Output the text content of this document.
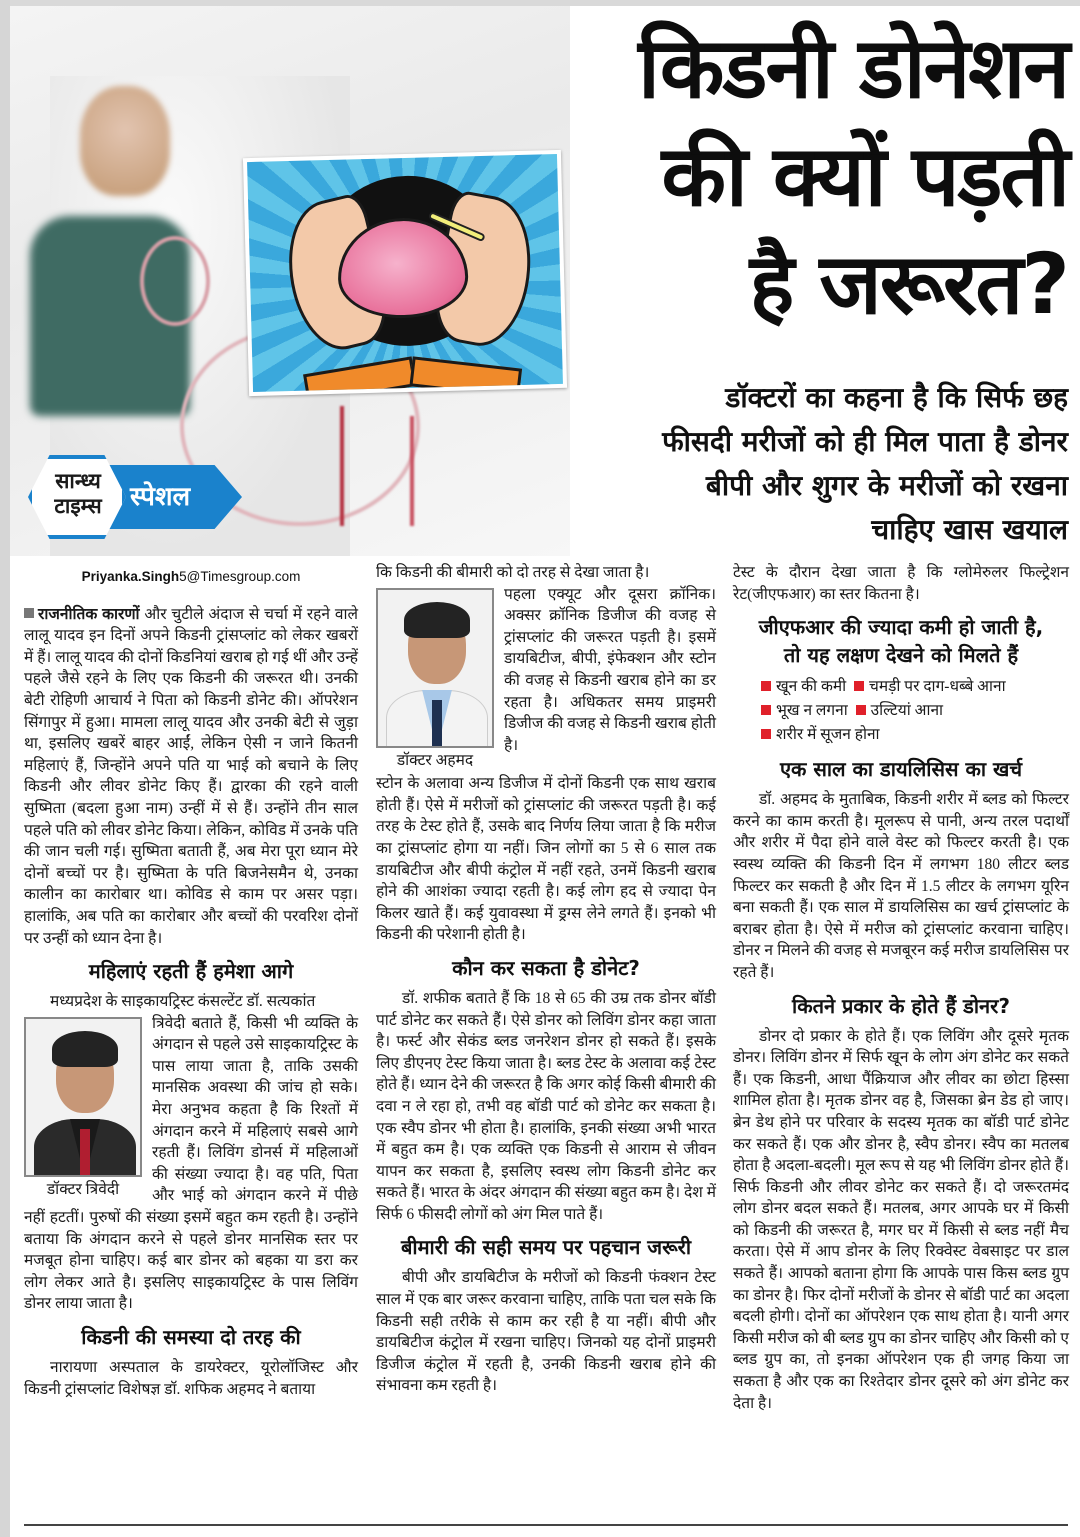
सान्ध्य
टाइम्स	स्पेशल
किडनी डोनेशन
की क्यों पड़ती
है जरूरत?
डॉक्टरों का कहना है कि सिर्फ छह
फीसदी मरीजों को ही मिल पाता है डोनर
बीपी और शुगर के मरीजों को रखना
चाहिए खास खयाल
Priyanka.Singh5@Timesgroup.com

राजनीतिक कारणों और चुटीले अंदाज से चर्चा में रहने वाले लालू यादव इन दिनों अपने किडनी ट्रांसप्लांट को लेकर खबरों में हैं। लालू यादव की दोनों किडनियां खराब हो गई थीं और उन्हें पहले जैसे रहने के लिए एक किडनी की जरूरत थी। उनकी बेटी रोहिणी आचार्य ने पिता को किडनी डोनेट की। ऑपरेशन सिंगापुर में हुआ। मामला लालू यादव और उनकी बेटी से जुड़ा था, इसलिए खबरें बाहर आईं, लेकिन ऐसी न जाने कितनी महिलाएं हैं, जिन्होंने अपने पति या भाई को बचाने के लिए किडनी और लीवर डोनेट किए हैं। द्वारका की रहने वाली सुष्मिता (बदला हुआ नाम) उन्हीं में से हैं। उन्होंने तीन साल पहले पति को लीवर डोनेट किया। लेकिन, कोविड में उनके पति की जान चली गई। सुष्मिता बताती हैं, अब मेरा पूरा ध्यान मेरे दोनों बच्चों पर है। सुष्मिता के पति बिजनेसमैन थे, उनका कालीन का कारोबार था। कोविड से काम पर असर पड़ा। हालांकि, अब पति का कारोबार और बच्चों की परवरिश दोनों पर उन्हीं को ध्यान देना है।

महिलाएं रहती हैं हमेशा आगे

मध्यप्रदेश के साइकायट्रिस्ट कंसल्टेंट डॉ. सत्यकांत

डॉक्टर त्रिवेदी

त्रिवेदी बताते हैं, किसी भी व्यक्ति के अंगदान से पहले उसे साइकायट्रिस्ट के पास लाया जाता है, ताकि उसकी मानसिक अवस्था की जांच हो सके। मेरा अनुभव कहता है कि रिश्तों में अंगदान करने में महिलाएं सबसे आगे रहती हैं। लिविंग डोनर्स में महिलाओं की संख्या ज्यादा है। वह पति, पिता और भाई को अंगदान करने में पीछे नहीं हटतीं। पुरुषों की संख्या इसमें बहुत कम रहती है। उन्होंने बताया कि अंगदान करने से पहले डोनर मानसिक स्तर पर मजबूत होना चाहिए। कई बार डोनर को बहका या डरा कर लोग लेकर आते है। इसलिए साइकायट्रिस्ट के पास लिविंग डोनर लाया जाता है।

किडनी की समस्या दो तरह की

नारायणा अस्पताल के डायरेक्टर, यूरोलॉजिस्ट और किडनी ट्रांसप्लांट विशेषज्ञ डॉ. शफिक अहमद ने बताया

कि किडनी की बीमारी को दो तरह से देखा जाता है।

डॉक्टर अहमद

पहला एक्यूट और दूसरा क्रॉनिक। अक्सर क्रॉनिक डिजीज की वजह से ट्रांसप्लांट की जरूरत पड़ती है। इसमें डायबिटीज, बीपी, इंफेक्शन और स्टोन की वजह से किडनी खराब होने का डर रहता है। अधिकतर समय प्राइमरी डिजीज की वजह से किडनी खराब होती है।

स्टोन के अलावा अन्य डिजीज में दोनों किडनी एक साथ खराब होती हैं। ऐसे में मरीजों को ट्रांसप्लांट की जरूरत पड़ती है। कई तरह के टेस्ट होते हैं, उसके बाद निर्णय लिया जाता है कि मरीज का ट्रांसप्लांट होगा या नहीं। जिन लोगों का 5 से 6 साल तक डायबिटीज और बीपी कंट्रोल में नहीं रहते, उनमें किडनी खराब होने की आशंका ज्यादा रहती है। कई लोग हद से ज्यादा पेन किलर खाते हैं। कई युवावस्था में ड्रग्स लेने लगते हैं। इनको भी किडनी की परेशानी होती है।

कौन कर सकता है डोनेट?

डॉ. शफीक बताते हैं कि 18 से 65 की उम्र तक डोनर बॉडी पार्ट डोनेट कर सकते हैं। ऐसे डोनर को लिविंग डोनर कहा जाता है। फर्स्ट और सेकंड ब्लड जनरेशन डोनर हो सकते हैं। इसके लिए डीएनए टेस्ट किया जाता है। ब्लड टेस्ट के अलावा कई टेस्ट होते हैं। ध्यान देने की जरूरत है कि अगर कोई किसी बीमारी की दवा न ले रहा हो, तभी वह बॉडी पार्ट को डोनेट कर सकता है। एक स्वैप डोनर भी होता है। हालांकि, इनकी संख्या अभी भारत में बहुत कम है। एक व्यक्ति एक किडनी से आराम से जीवन यापन कर सकता है, इसलिए स्वस्थ लोग किडनी डोनेट कर सकते हैं। भारत के अंदर अंगदान की संख्या बहुत कम है। देश में सिर्फ 6 फीसदी लोगों को अंग मिल पाते हैं।

बीमारी की सही समय पर पहचान जरूरी

बीपी और डायबिटीज के मरीजों को किडनी फंक्शन टेस्ट साल में एक बार जरूर करवाना चाहिए, ताकि पता चल सके कि किडनी सही तरीके से काम कर रही है या नहीं। बीपी और डायबिटीज कंट्रोल में रखना चाहिए। जिनको यह दोनों प्राइमरी डिजीज कंट्रोल में रहती है, उनकी किडनी खराब होने की संभावना कम रहती है।

टेस्ट के दौरान देखा जाता है कि ग्लोमेरुलर फिल्ट्रेशन रेट(जीएफआर) का स्तर कितना है।

जीएफआर की ज्यादा कमी हो जाती है,
तो यह लक्षण देखने को मिलते हैं
खून की कमी चमड़ी पर दाग-धब्बे आना
भूख न लगना उल्टियां आना
शरीर में सूजन होना
एक साल का डायलिसिस का खर्च

डॉ. अहमद के मुताबिक, किडनी शरीर में ब्लड को फिल्टर करने का काम करती है। मूलरूप से पानी, अन्य तरल पदार्थों और शरीर में पैदा होने वाले वेस्ट को फिल्टर करती है। एक स्वस्थ व्यक्ति की किडनी दिन में लगभग 180 लीटर ब्लड फिल्टर कर सकती है और दिन में 1.5 लीटर के लगभग यूरिन बना सकती हैं। एक साल में डायलिसिस का खर्च ट्रांसप्लांट के बराबर होता है। ऐसे में मरीज को ट्रांसप्लांट करवाना चाहिए। डोनर न मिलने की वजह से मजबूरन कई मरीज डायलिसिस पर रहते हैं।

कितने प्रकार के होते हैं डोनर?

डोनर दो प्रकार के होते हैं। एक लिविंग और दूसरे मृतक डोनर। लिविंग डोनर में सिर्फ खून के लोग अंग डोनेट कर सकते हैं। एक किडनी, आधा पैंक्रियाज और लीवर का छोटा हिस्सा शामिल होता है। मृतक डोनर वह है, जिसका ब्रेन डेड हो जाए। ब्रेन डेथ होने पर परिवार के सदस्य मृतक का बॉडी पार्ट डोनेट कर सकते हैं। एक और डोनर है, स्वैप डोनर। स्वैप का मतलब होता है अदला-बदली। मूल रूप से यह भी लिविंग डोनर होते हैं। सिर्फ किडनी और लीवर डोनेट कर सकते हैं। दो जरूरतमंद लोग डोनर बदल सकते हैं। मतलब, अगर आपके घर में किसी को किडनी की जरूरत है, मगर घर में किसी से ब्लड नहीं मैच करता। ऐसे में आप डोनर के लिए रिक्वेस्ट वेबसाइट पर डाल सकते हैं। आपको बताना होगा कि आपके पास किस ब्लड ग्रुप का डोनर है। फिर दोनों मरीजों के डोनर से बॉडी पार्ट का अदला बदली होगी। दोनों का ऑपरेशन एक साथ होता है। यानी अगर किसी मरीज को बी ब्लड ग्रुप का डोनर चाहिए और किसी को ए ब्लड ग्रुप का, तो इनका ऑपरेशन एक ही जगह किया जा सकता है और एक का रिश्तेदार डोनर दूसरे को अंग डोनेट कर देता है।
